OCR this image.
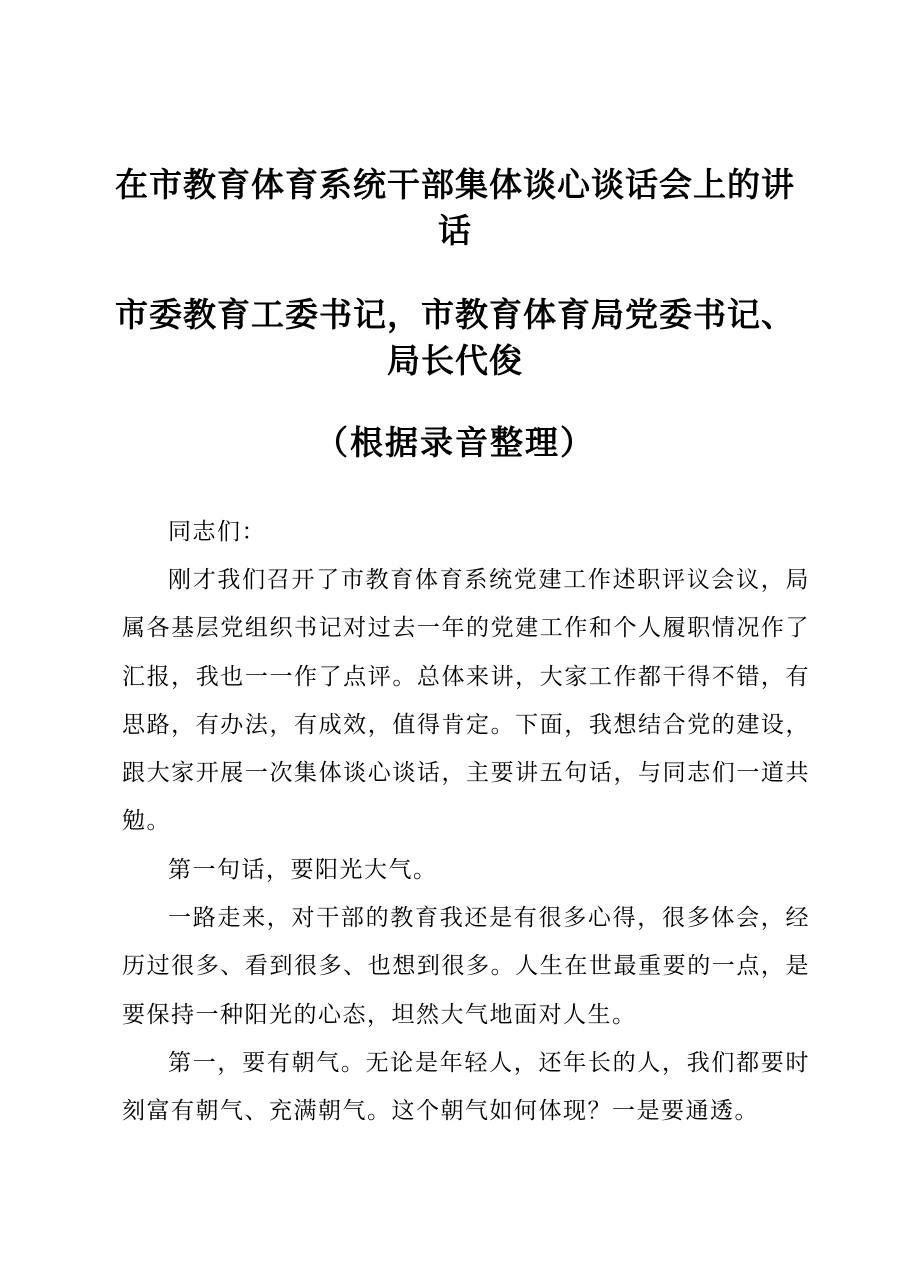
在市教育体育系统干部集体谈心谈话会上的讲话
市委教育工委书记，市教育体育局党委书记、局长代俊
（根据录音整理）

同志们：

刚才我们召开了市教育体育系统党建工作述职评议会议，局属各基层党组织书记对过去一年的党建工作和个人履职情况作了汇报，我也一一作了点评。总体来讲，大家工作都干得不错，有思路，有办法，有成效，值得肯定。下面，我想结合党的建设，跟大家开展一次集体谈心谈话，主要讲五句话，与同志们一道共勉。

第一句话，要阳光大气。

一路走来，对干部的教育我还是有很多心得，很多体会，经历过很多、看到很多、也想到很多。人生在世最重要的一点，是要保持一种阳光的心态，坦然大气地面对人生。

第一，要有朝气。无论是年轻人，还年长的人，我们都要时刻富有朝气、充满朝气。这个朝气如何体现？一是要通透。
